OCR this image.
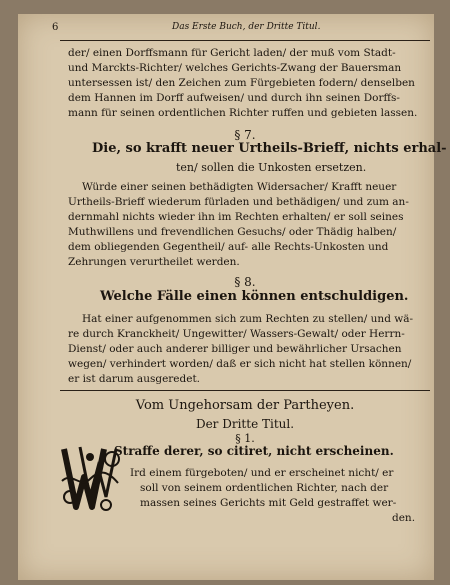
6	Das Erste Buch, der Dritte Titul.
der/ einen Dorffsmann für Gericht laden/ der muß vom Stadt-
und Marckts-Richter/ welches Gerichts-Zwang der Bauersman
untersessen ist/ den Zeichen zum Fürgebieten fodern/ denselben
dem Hannen im Dorff aufweisen/ und durch ihn seinen Dorffs-
mann für seinen ordentlichen Richter ruffen und gebieten lassen.
§ 7.
Die, so krafft neuer Urtheils-Brieff, nichts erhal-
ten/ sollen die Unkosten ersetzen.
Würde einer seinen bethädigten Widersacher/ Krafft neuer
Urtheils-Brieff wiederum fürladen und bethädigen/ und zum an-
dernmahl nichts wieder ihn im Rechten erhalten/ er soll seines
Muthwillens und frevendlichen Gesuchs/ oder Thädig halben/
dem obliegenden Gegentheil/ auf- alle Rechts-Unkosten und
Zehrungen verurtheilet werden.
§ 8.
Welche Fälle einen können entschuldigen.
Hat einer aufgenommen sich zum Rechten zu stellen/ und wä-
re durch Kranckheit/ Ungewitter/ Wassers-Gewalt/ oder Herrn-
Dienst/ oder auch anderer billiger und bewährlicher Ursachen
wegen/ verhindert worden/ daß er sich nicht hat stellen können/
er ist darum ausgeredet.
Vom Ungehorsam der Partheyen.
Der Dritte Titul.
§ 1.
Straffe derer, so citiret, nicht erscheinen.
Ird einem fürgeboten/ und er erscheinet nicht/ er
soll von seinem ordentlichen Richter, nach der
massen seines Gerichts mit Geld gestraffet wer-
den.
